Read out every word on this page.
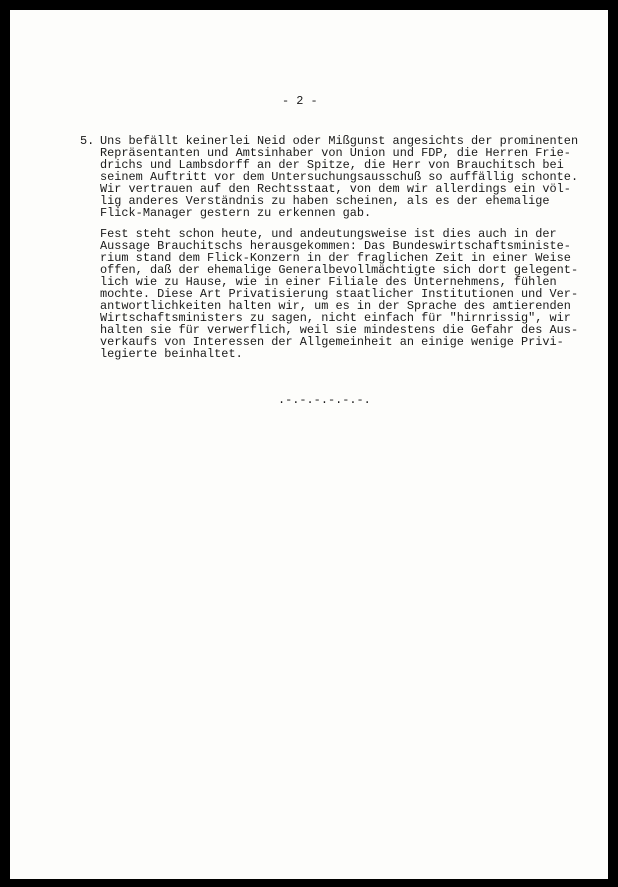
- 2 -
5. Uns befällt keinerlei Neid oder Mißgunst angesichts der prominenten
Repräsentanten und Amtsinhaber von Union und FDP, die Herren Frie-
drichs und Lambsdorff an der Spitze, die Herr von Brauchitsch bei
seinem Auftritt vor dem Untersuchungsausschuß so auffällig schonte.
Wir vertrauen auf den Rechtsstaat, von dem wir allerdings ein völ-
lig anderes Verständnis zu haben scheinen, als es der ehemalige
Flick-Manager gestern zu erkennen gab.
Fest steht schon heute, und andeutungsweise ist dies auch in der
Aussage Brauchitschs herausgekommen: Das Bundeswirtschaftsministe-
rium stand dem Flick-Konzern in der fraglichen Zeit in einer Weise
offen, daß der ehemalige Generalbevollmächtigte sich dort gelegent-
lich wie zu Hause, wie in einer Filiale des Unternehmens, fühlen
mochte. Diese Art Privatisierung staatlicher Institutionen und Ver-
antwortlichkeiten halten wir, um es in der Sprache des amtierenden
Wirtschaftsministers zu sagen, nicht einfach für "hirnrissig", wir
halten sie für verwerflich, weil sie mindestens die Gefahr des Aus-
verkaufs von Interessen der Allgemeinheit an einige wenige Privi-
legierte beinhaltet.
.-.-.-.-.-.-.
